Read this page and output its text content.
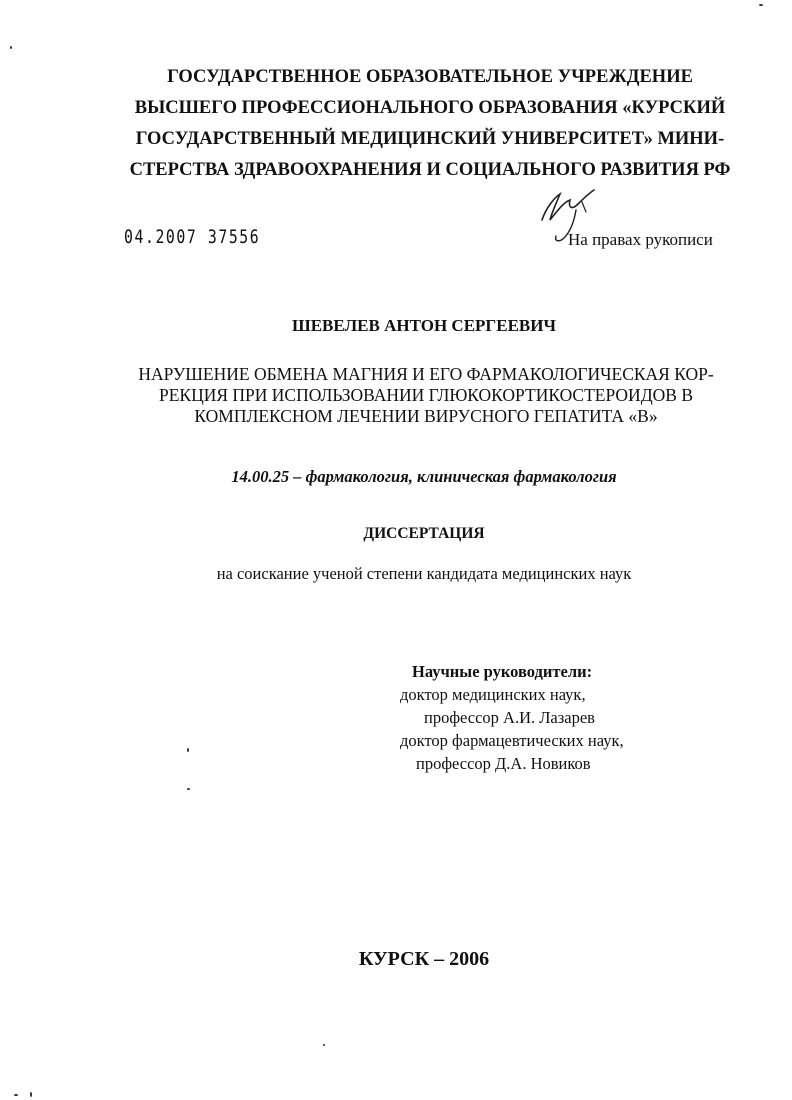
ГОСУДАРСТВЕННОЕ ОБРАЗОВАТЕЛЬНОЕ УЧРЕЖДЕНИЕ
ВЫСШЕГО ПРОФЕССИОНАЛЬНОГО ОБРАЗОВАНИЯ «КУРСКИЙ
ГОСУДАРСТВЕННЫЙ МЕДИЦИНСКИЙ УНИВЕРСИТЕТ» МИНИ-
СТЕРСТВА ЗДРАВООХРАНЕНИЯ И СОЦИАЛЬНОГО РАЗВИТИЯ РФ
04.2007 37556	На правах рукописи
ШЕВЕЛЕВ АНТОН СЕРГЕЕВИЧ
НАРУШЕНИЕ ОБМЕНА МАГНИЯ И ЕГО ФАРМАКОЛОГИЧЕСКАЯ КОР-
РЕКЦИЯ ПРИ ИСПОЛЬЗОВАНИИ ГЛЮКОКОРТИКОСТЕРОИДОВ В
КОМПЛЕКСНОМ ЛЕЧЕНИИ ВИРУСНОГО ГЕПАТИТА «В»
14.00.25 – фармакология, клиническая фармакология
ДИССЕРТАЦИЯ
на соискание ученой степени кандидата медицинских наук
Научные руководители:
доктор медицинских наук,
профессор А.И. Лазарев
доктор фармацевтических наук,
профессор Д.А. Новиков
КУРСК – 2006
